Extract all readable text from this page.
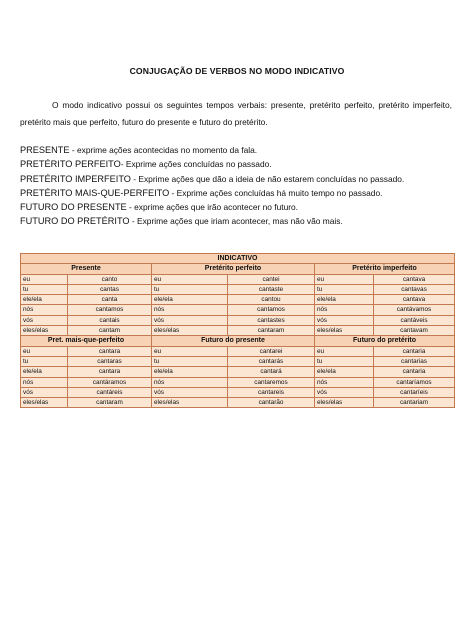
CONJUGAÇÃO DE VERBOS NO MODO INDICATIVO
O modo indicativo possui os seguintes tempos verbais: presente, pretérito perfeito, pretérito imperfeito, pretérito mais que perfeito, futuro do presente e futuro do pretérito.
PRESENTE - exprime ações acontecidas no momento da fala.
PRETÉRITO PERFEITO- Exprime ações concluídas no passado.
PRETÉRITO IMPERFEITO - Exprime ações que dão a ideia de não estarem concluídas no passado.
PRETÉRITO MAIS-QUE-PERFEITO - Exprime ações concluídas há muito tempo no passado.
FUTURO DO PRESENTE - exprime ações que irão acontecer no futuro.
FUTURO DO PRETÉRITO - Exprime ações que iriam acontecer, mas não vão mais.
INDICATIVO					
Presente		Pretérito perfeito		Pretérito imperfeito	
eu	canto	eu	cantei	eu	cantava
tu	cantas	tu	cantaste	tu	cantavas
ele/ela	canta	ele/ela	cantou	ele/ela	cantava
nós	cantamos	nós	cantamos	nós	cantávamos
vós	cantais	vós	cantastes	vós	cantáveis
eles/elas	cantam	eles/elas	cantaram	eles/elas	cantavam
Pret. mais-que-perfeito		Futuro do presente		Futuro do pretérito	
eu	cantara	eu	cantarei	eu	cantaria
tu	cantaras	tu	cantarás	tu	cantarias
ele/ela	cantara	ele/ela	cantará	ele/ela	cantaria
nós	cantáramos	nós	cantaremos	nós	cantaríamos
vós	cantáreis	vós	cantareis	vós	cantaríeis
eles/elas	cantaram	eles/elas	cantarão	eles/elas	cantariam
